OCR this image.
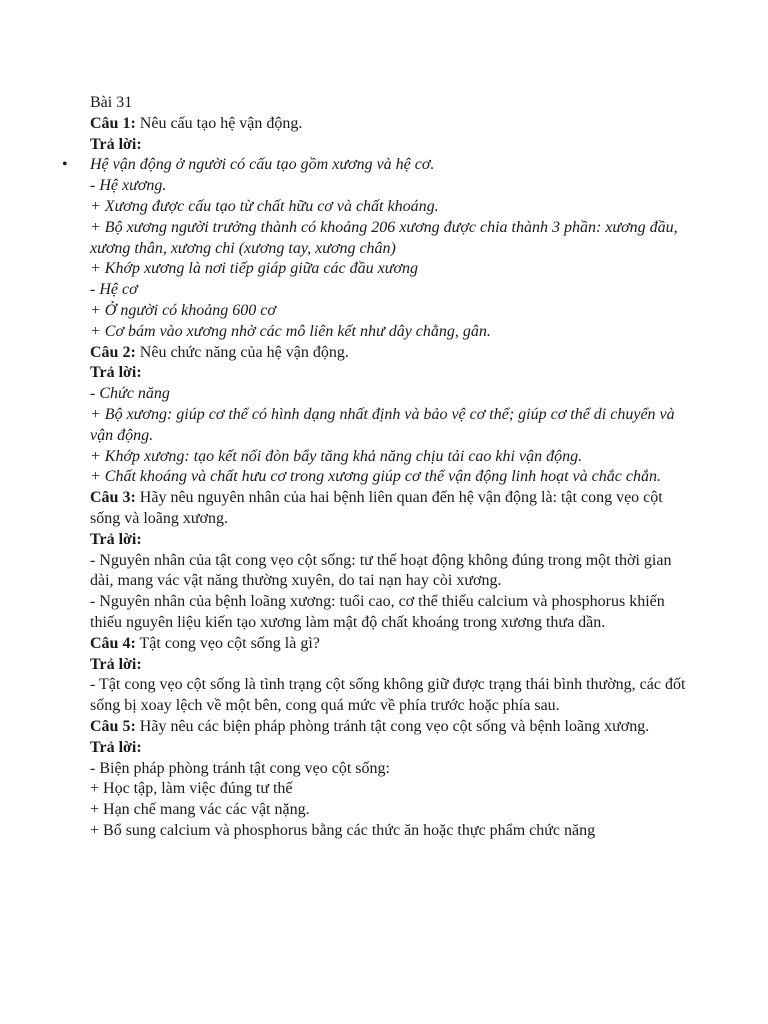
Bài 31
Câu 1: Nêu cấu tạo hệ vận động.
Trả lời:
• Hệ vận động ở người có cấu tạo gồm xương và hệ cơ.
- Hệ xương.
+ Xương được cấu tạo từ chất hữu cơ và chất khoáng.
+ Bộ xương người trưởng thành có khoảng 206 xương được chia thành 3 phần: xương đầu, xương thân, xương chi (xương tay, xương chân)
+ Khớp xương là nơi tiếp giáp giữa các đầu xương
- Hệ cơ
+ Ở người có khoảng 600 cơ
+ Cơ bám vào xương nhờ các mô liên kết như dây chằng, gân.
Câu 2: Nêu chức năng của hệ vận động.
Trả lời:
- Chức năng
+ Bộ xương: giúp cơ thể có hình dạng nhất định và bảo vệ cơ thể; giúp cơ thể di chuyển và vận động.
+ Khớp xương: tạo kết nối đòn bẩy tăng khả năng chịu tải cao khi vận động.
+ Chất khoáng và chất hưu cơ trong xương giúp cơ thể vận động linh hoạt và chắc chắn.
Câu 3: Hãy nêu nguyên nhân của hai bệnh liên quan đến hệ vận động là: tật cong vẹo cột sống và loãng xương.
Trả lời:
- Nguyên nhân của tật cong vẹo cột sống: tư thế hoạt động không đúng trong một thời gian dài, mang vác vật năng thường xuyên, do tai nạn hay còi xương.
- Nguyên nhân của bệnh loãng xương: tuổi cao, cơ thể thiếu calcium và phosphorus khiến thiếu nguyên liệu kiến tạo xương làm mật độ chất khoáng trong xương thưa dần.
Câu 4: Tật cong vẹo cột sống là gì?
Trả lời:
- Tật cong vẹo cột sống là tình trạng cột sống không giữ được trạng thái bình thường, các đốt sống bị xoay lệch về một bên, cong quá mức về phía trước hoặc phía sau.
Câu 5: Hãy nêu các biện pháp phòng tránh tật cong vẹo cột sống và bệnh loãng xương.
Trả lời:
- Biện pháp phòng tránh tật cong vẹo cột sống:
+ Học tập, làm việc đúng tư thế
+ Hạn chế mang vác các vật nặng.
+ Bổ sung calcium và phosphorus bằng các thức ăn hoặc thực phẩm chức năng
